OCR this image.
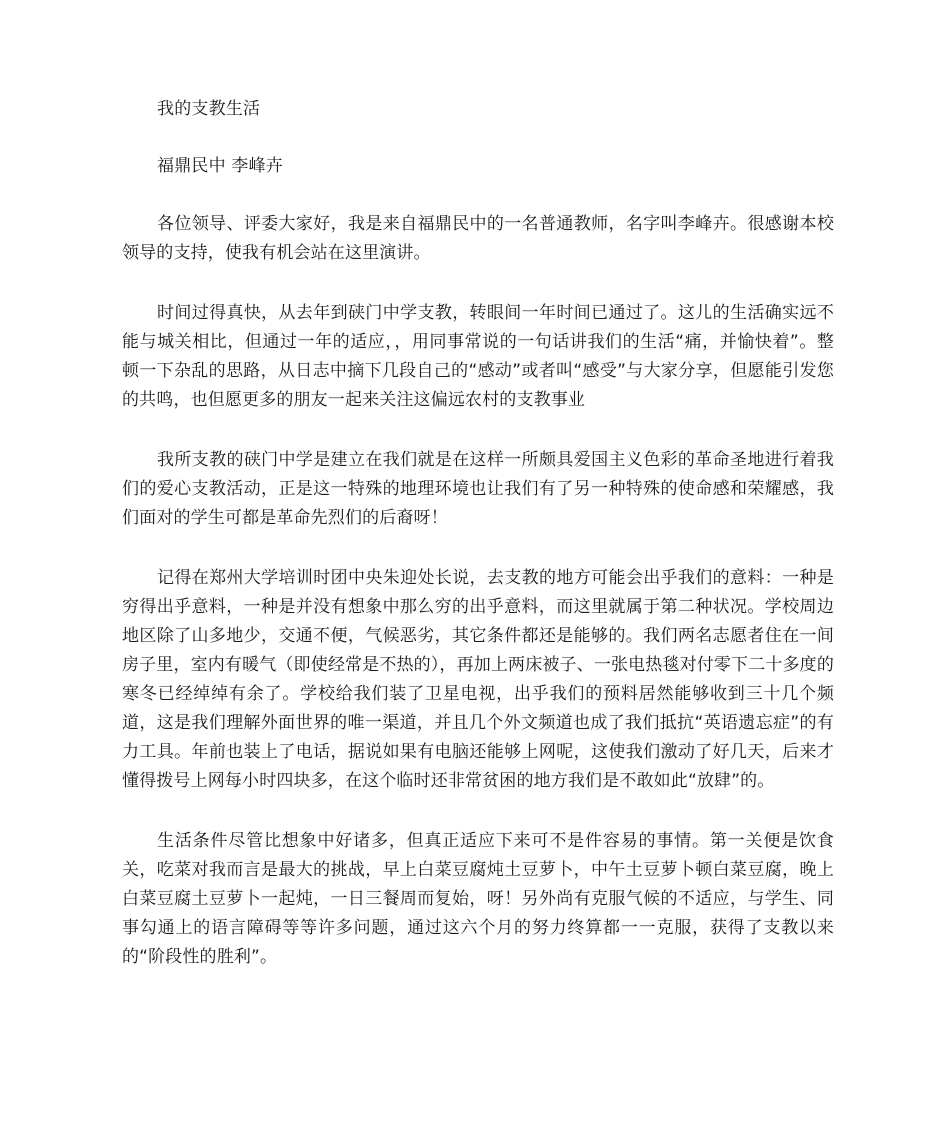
我的支教生活

福鼎民中 李峰卉

各位领导、评委大家好，我是来自福鼎民中的一名普通教师，名字叫李峰卉。很感谢本校领导的支持，使我有机会站在这里演讲。

时间过得真快，从去年到硖门中学支教，转眼间一年时间已通过了。这儿的生活确实远不能与城关相比，但通过一年的适应，，用同事常说的一句话讲我们的生活“痛，并愉快着”。整顿一下杂乱的思路，从日志中摘下几段自己的“感动”或者叫“感受”与大家分享，但愿能引发您的共鸣，也但愿更多的朋友一起来关注这偏远农村的支教事业

我所支教的硖门中学是建立在我们就是在这样一所颇具爱国主义色彩的革命圣地进行着我们的爱心支教活动，正是这一特殊的地理环境也让我们有了另一种特殊的使命感和荣耀感，我们面对的学生可都是革命先烈们的后裔呀！

记得在郑州大学培训时团中央朱迎处长说，去支教的地方可能会出乎我们的意料：一种是穷得出乎意料，一种是并没有想象中那么穷的出乎意料，而这里就属于第二种状况。学校周边地区除了山多地少，交通不便，气候恶劣，其它条件都还是能够的。我们两名志愿者住在一间房子里，室内有暖气（即使经常是不热的），再加上两床被子、一张电热毯对付零下二十多度的寒冬已经绰绰有余了。学校给我们装了卫星电视，出乎我们的预料居然能够收到三十几个频道，这是我们理解外面世界的唯一渠道，并且几个外文频道也成了我们抵抗“英语遗忘症”的有力工具。年前也装上了电话，据说如果有电脑还能够上网呢，这使我们激动了好几天，后来才懂得拨号上网每小时四块多，在这个临时还非常贫困的地方我们是不敢如此“放肆”的。

生活条件尽管比想象中好诸多，但真正适应下来可不是件容易的事情。第一关便是饮食关，吃菜对我而言是最大的挑战，早上白菜豆腐炖土豆萝卜，中午土豆萝卜顿白菜豆腐，晚上白菜豆腐土豆萝卜一起炖，一日三餐周而复始，呀！另外尚有克服气候的不适应，与学生、同事勾通上的语言障碍等等许多问题，通过这六个月的努力终算都一一克服，获得了支教以来的“阶段性的胜利”。
